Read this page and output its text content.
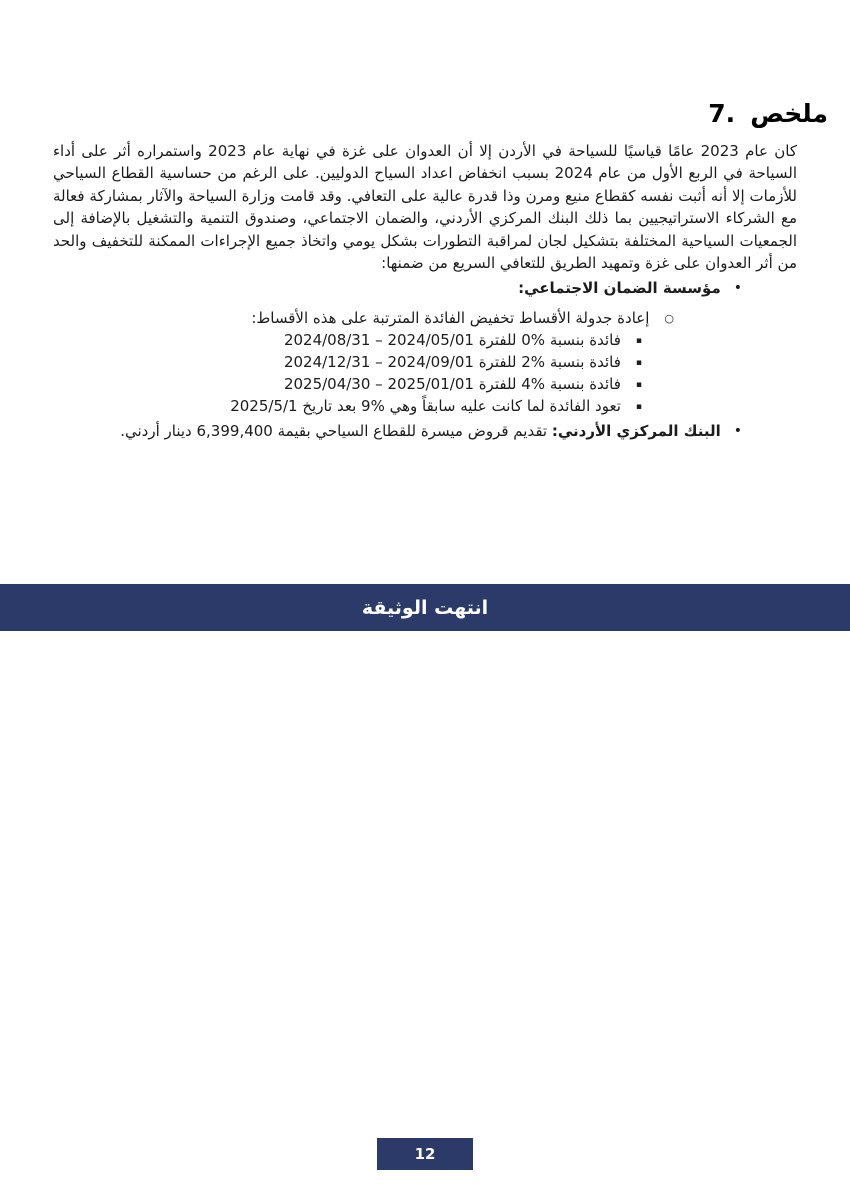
7. ملخص

كان عام 2023 عامًا قياسيًا للسياحة في الأردن إلا أن العدوان على غزة في نهاية عام 2023 واستمراره أثر على أداء السياحة في الربع الأول من عام 2024 بسبب انخفاض اعداد السياح الدوليين. على الرغم من حساسية القطاع السياحي للأزمات إلا أنه أثبت نفسه كقطاع منيع ومرن وذا قدرة عالية على التعافي. وقد قامت وزارة السياحة والآثار بمشاركة فعالة مع الشركاء الاستراتيجيين بما ذلك البنك المركزي الأردني، والضمان الاجتماعي، وصندوق التنمية والتشغيل بالإضافة إلى الجمعيات السياحية المختلفة بتشكيل لجان لمراقبة التطورات بشكل يومي واتخاذ جميع الإجراءات الممكنة للتخفيف والحد من أثر العدوان على غزة وتمهيد الطريق للتعافي السريع من ضمنها:

•مؤسسة الضمان الاجتماعي:
○إعادة جدولة الأقساط تخفيض الفائدة المترتبة على هذه الأقساط:
▪فائدة بنسبة %0 للفترة 2024/05/01 – 2024/08/31
▪فائدة بنسبة %2 للفترة 2024/09/01 – 2024/12/31
▪فائدة بنسبة %4 للفترة 2025/01/01 – 2025/04/30
▪تعود الفائدة لما كانت عليه سابقاً وهي %9 بعد تاريخ 2025/5/1
•البنك المركزي الأردني: تقديم قروض ميسرة للقطاع السياحي بقيمة 6,399,400 دينار أردني.
انتهت الوثيقة
12
